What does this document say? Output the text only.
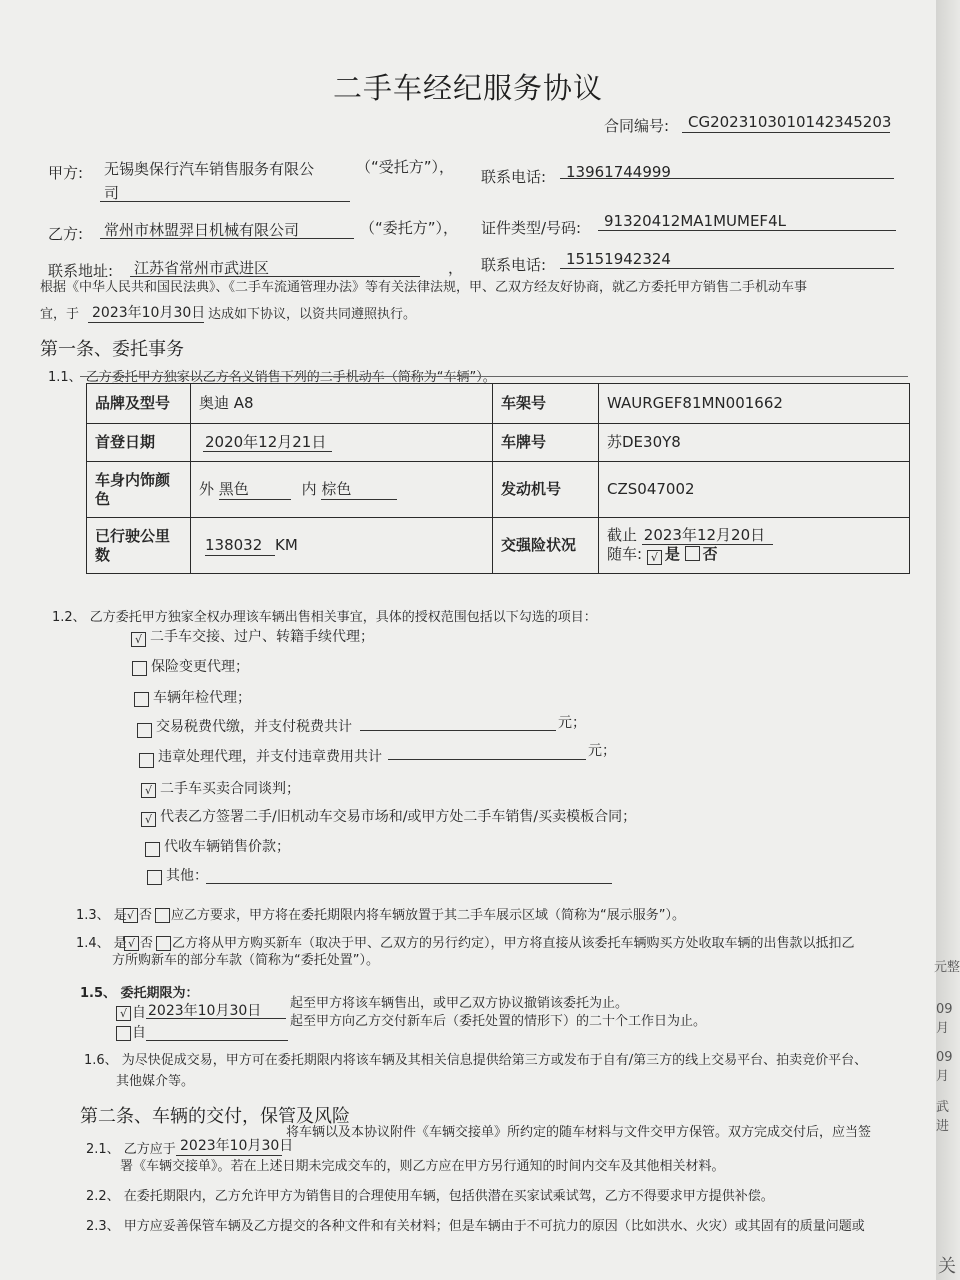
二手车经纪服务协议
合同编号: CG2023103010142345203
甲方: 无锡奥保行汽车销售服务有限公
司
（“受托方”），
联系电话: 13961744999
乙方: 常州市林盟羿日机械有限公司	（“委托方”）， 证件类型/号码: 91320412MA1MUMEF4L
联系地址: 江苏省常州市武进区	， 联系电话: 15151942324
根据《中华人民共和国民法典》、《二手车流通管理办法》等有关法律法规，甲、乙双方经友好协商，就乙方委托甲方销售二手机动车事
宜，于 2023年10月30日 达成如下协议，以资共同遵照执行。
第一条、委托事务
1.1、 乙方委托甲方独家以乙方名义销售下列的二手机动车（简称为“车辆”）。
品牌及型号	奥迪 A8	车架号	WAURGEF81MN001662
首登日期	2020年12月21日	车牌号	苏DE30Y8
车身内饰颜色	外 黑色 内 棕色	发动机号	CZS047002
已行驶公里数	138032 KM	交强险状况	截止 2023年12月20日
随车: √ 是 否
1.2、 乙方委托甲方独家全权办理该车辆出售相关事宜，具体的授权范围包括以下勾选的项目：
√ 二手车交接、过户、转籍手续代理；
保险变更代理；
车辆年检代理；
交易税费代缴，并支付税费共计	元；
违章处理代理，并支付违章费用共计	元；
√ 二手车买卖合同谈判；
√ 代表乙方签署二手/旧机动车交易市场和/或甲方处二手车销售/买卖模板合同；
代收车辆销售价款；
其他：
1.3、 是 √ 否 应乙方要求，甲方将在委托期限内将车辆放置于其二手车展示区域（简称为“展示服务”）。
1.4、 是 √ 否 乙方将从甲方购买新车（取决于甲、乙双方的另行约定），甲方将直接从该委托车辆购买方处收取车辆的出售款以抵扣乙
方所购新车的部分车款（简称为“委托处置”）。
1.5、 委托期限为：
√ 自 2023年10月30日 起至甲方将该车辆售出，或甲乙双方协议撤销该委托为止。
自
起至甲方向乙方交付新车后（委托处置的情形下）的二十个工作日为止。
1.6、 为尽快促成交易，甲方可在委托期限内将该车辆及其相关信息提供给第三方或发布于自有/第三方的线上交易平台、拍卖竞价平台、
其他媒介等。
第二条、车辆的交付，保管及风险
2.1、 乙方应于 2023年10月30日
将车辆以及本协议附件《车辆交接单》所约定的随车材料与文件交甲方保管。双方完成交付后，应当签
署《车辆交接单》。若在上述日期未完成交车的，则乙方应在甲方另行通知的时间内交车及其他相关材料。
2.2、 在委托期限内，乙方允许甲方为销售目的合理使用车辆，包括供潜在买家试乘试驾，乙方不得要求甲方提供补偿。
2.3、 甲方应妥善保管车辆及乙方提交的各种文件和有关材料；但是车辆由于不可抗力的原因（比如洪水、火灾）或其固有的质量问题或
元整
09月
09月
武进
关
